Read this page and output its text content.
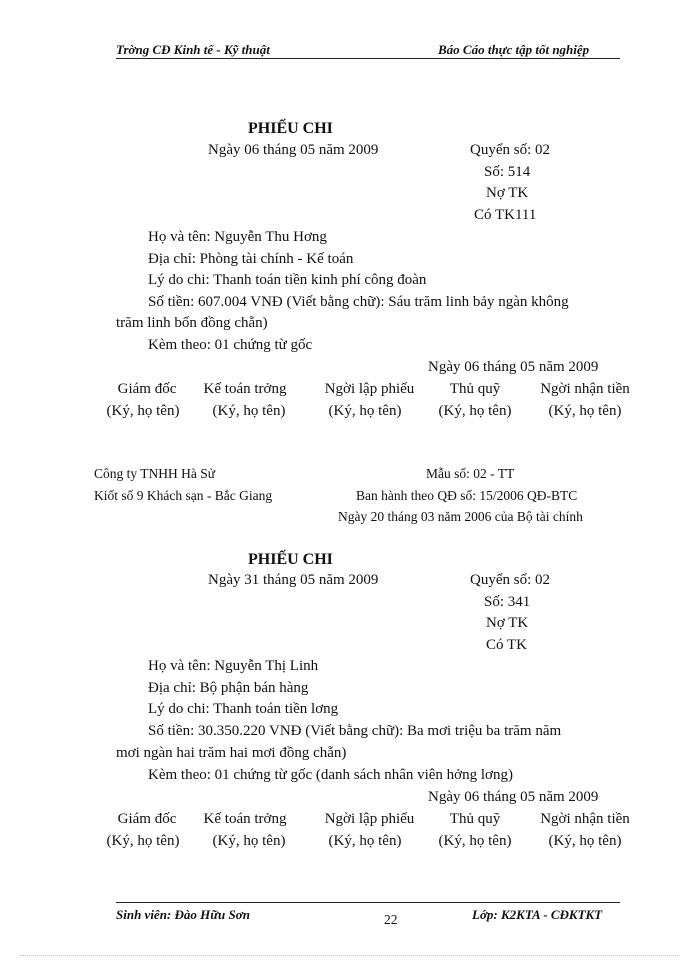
Trờng CĐ Kinh tế - Kỹ thuật	Báo Cáo thực tập tốt nghiệp
PHIẾU CHI
Ngày 06 tháng 05 năm 2009	Quyển số: 02
Số: 514
Nợ TK
Có TK111
Họ và tên: Nguyễn Thu Hơng
Địa chỉ: Phòng tài chính - Kế toán
Lý do chi: Thanh toán tiền kinh phí công đoàn
Số tiền: 607.004 VNĐ (Viết bằng chữ): Sáu trăm linh bảy ngàn không
trăm linh bốn đồng chẵn)
Kèm theo: 01 chứng từ gốc
Ngày 06 tháng 05 năm 2009
Giám đốc	Kế toán trởng	Ngời lập phiếu	Thủ quỹ	Ngời nhận tiền
(Ký, họ tên)	(Ký, họ tên)	(Ký, họ tên)	(Ký, họ tên)	(Ký, họ tên)
Công ty TNHH Hà Sử
Kiốt số 9 Khách sạn - Bắc Giang
Mẫu số: 02 - TT
Ban hành theo QĐ số: 15/2006 QĐ-BTC
Ngày 20 tháng 03 năm 2006 của Bộ tài chính
PHIẾU CHI
Ngày 31 tháng 05 năm 2009	Quyển số: 02
Số: 341
Nợ TK
Có TK
Họ và tên: Nguyễn Thị Linh
Địa chỉ: Bộ phận bán hàng
Lý do chi: Thanh toán tiền lơng
Số tiền: 30.350.220 VNĐ (Viết bằng chữ): Ba mơi triệu ba trăm năm
mơi ngàn hai trăm hai mơi đồng chẵn)
Kèm theo: 01 chứng từ gốc (danh sách nhân viên hởng lơng)
Ngày 06 tháng 05 năm 2009
Giám đốc	Kế toán trởng	Ngời lập phiếu	Thủ quỹ	Ngời nhận tiền
(Ký, họ tên)	(Ký, họ tên)	(Ký, họ tên)	(Ký, họ tên)	(Ký, họ tên)
Sinh viên: Đào Hữu Sơn	22	Lớp: K2KTA - CĐKTKT
